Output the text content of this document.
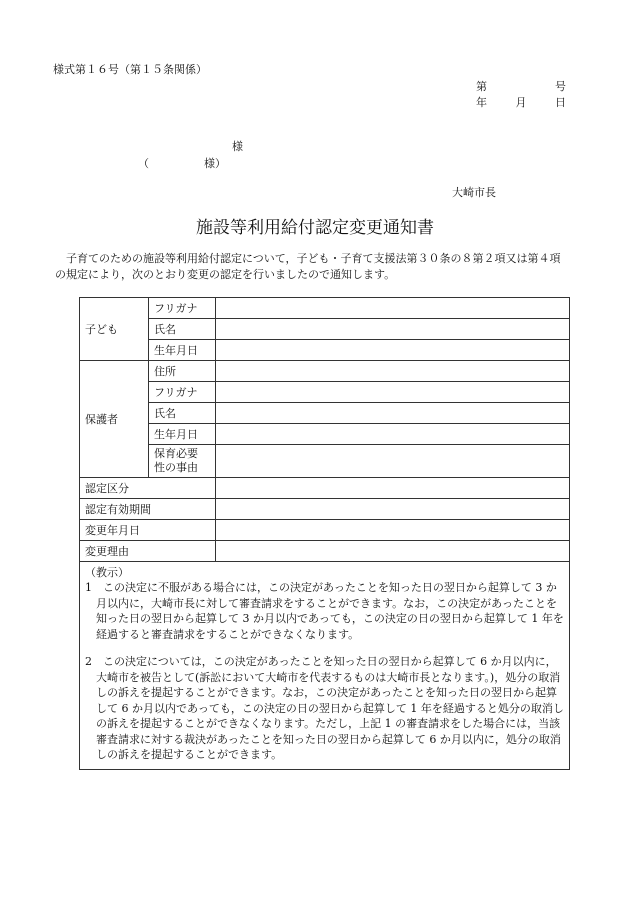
様式第１６号（第１５条関係）
第	号
年	月	日
様
（　　　　　様）
大崎市長
施設等利用給付認定変更通知書

子育てのための施設等利用給付認定について，子ども・子育て支援法第３０条の８第２項又は第４項の規定により，次のとおり変更の認定を行いましたので通知します。

子ども	フリガナ	
	氏名	
	生年月日	
保護者	住所	
	フリガナ	
	氏名	
	生年月日	

	保育必要
性の事由	

認定区分		
認定有効期間		
変更年月日		
変更理由		

（教示）
1　この決定に不服がある場合には，この決定があったことを知った日の翌日から起算して 3 か月以内に，大崎市長に対して審査請求をすることができます。なお，この決定があったことを知った日の翌日から起算して 3 か月以内であっても，この決定の日の翌日から起算して 1 年を経過すると審査請求をすることができなくなります。
2　この決定については，この決定があったことを知った日の翌日から起算して 6 か月以内に，大崎市を被告として(訴訟において大崎市を代表するものは大崎市長となります。)，処分の取消しの訴えを提起することができます。なお，この決定があったことを知った日の翌日から起算して 6 か月以内であっても，この決定の日の翌日から起算して 1 年を経過すると処分の取消しの訴えを提起することができなくなります。ただし，上記 1 の審査請求をした場合には，当該審査請求に対する裁決があったことを知った日の翌日から起算して 6 か月以内に，処分の取消しの訴えを提起することができます。		
